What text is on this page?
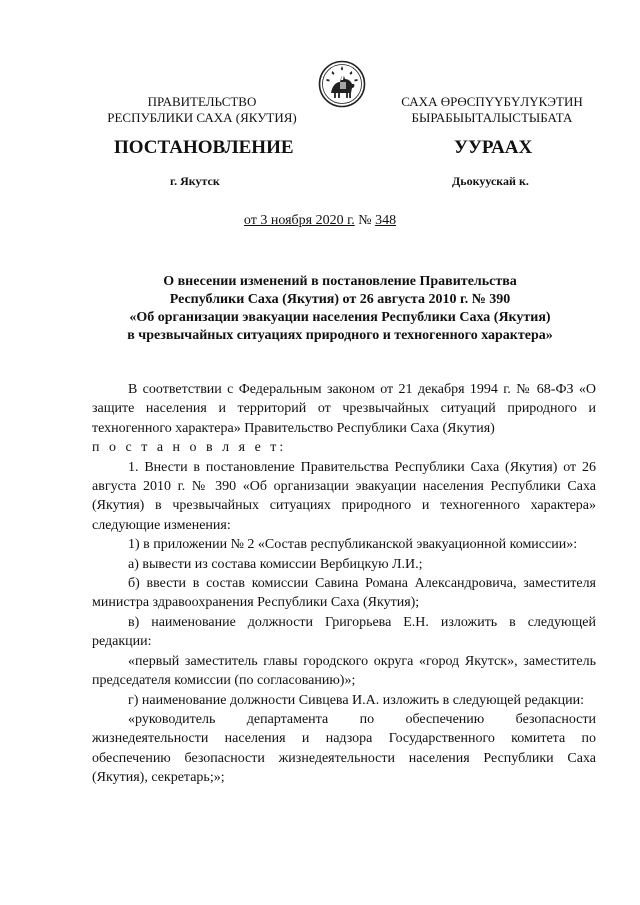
ПРАВИТЕЛЬСТВО
РЕСПУБЛИКИ САХА (ЯКУТИЯ)
САХА ӨРӨСПҮҮБҮЛҮКЭТИН
БЫРАБЫЫТАЛЫСТЫБАТА
ПОСТАНОВЛЕНИЕ	УУРААХ
г. Якутск	Дьокуускай к.
от 3 ноября 2020 г. № 348
О внесении изменений в постановление Правительства
Республики Саха (Якутия) от 26 августа 2010 г. № 390
«Об организации эвакуации населения Республики Саха (Якутия)
в чрезвычайных ситуациях природного и техногенного характера»

В соответствии с Федеральным законом от 21 декабря 1994 г. № 68-ФЗ «О защите населения и территорий от чрезвычайных ситуаций природного и техногенного характера» Правительство Республики Саха (Якутия)

п о с т а н о в л я е т:

1. Внести в постановление Правительства Республики Саха (Якутия) от 26 августа 2010 г. № 390 «Об организации эвакуации населения Республики Саха (Якутия) в чрезвычайных ситуациях природного и техногенного характера» следующие изменения:

1) в приложении № 2 «Состав республиканской эвакуационной комиссии»:

а) вывести из состава комиссии Вербицкую Л.И.;

б) ввести в состав комиссии Савина Романа Александровича, заместителя министра здравоохранения Республики Саха (Якутия);

в) наименование должности Григорьева Е.Н. изложить в следующей редакции:

«первый заместитель главы городского округа «город Якутск», заместитель председателя комиссии (по согласованию)»;

г) наименование должности Сивцева И.А. изложить в следующей редакции:

«руководитель департамента по обеспечению безопасности жизнедеятельности населения и надзора Государственного комитета по обеспечению безопасности жизнедеятельности населения Республики Саха (Якутия), секретарь;»;
